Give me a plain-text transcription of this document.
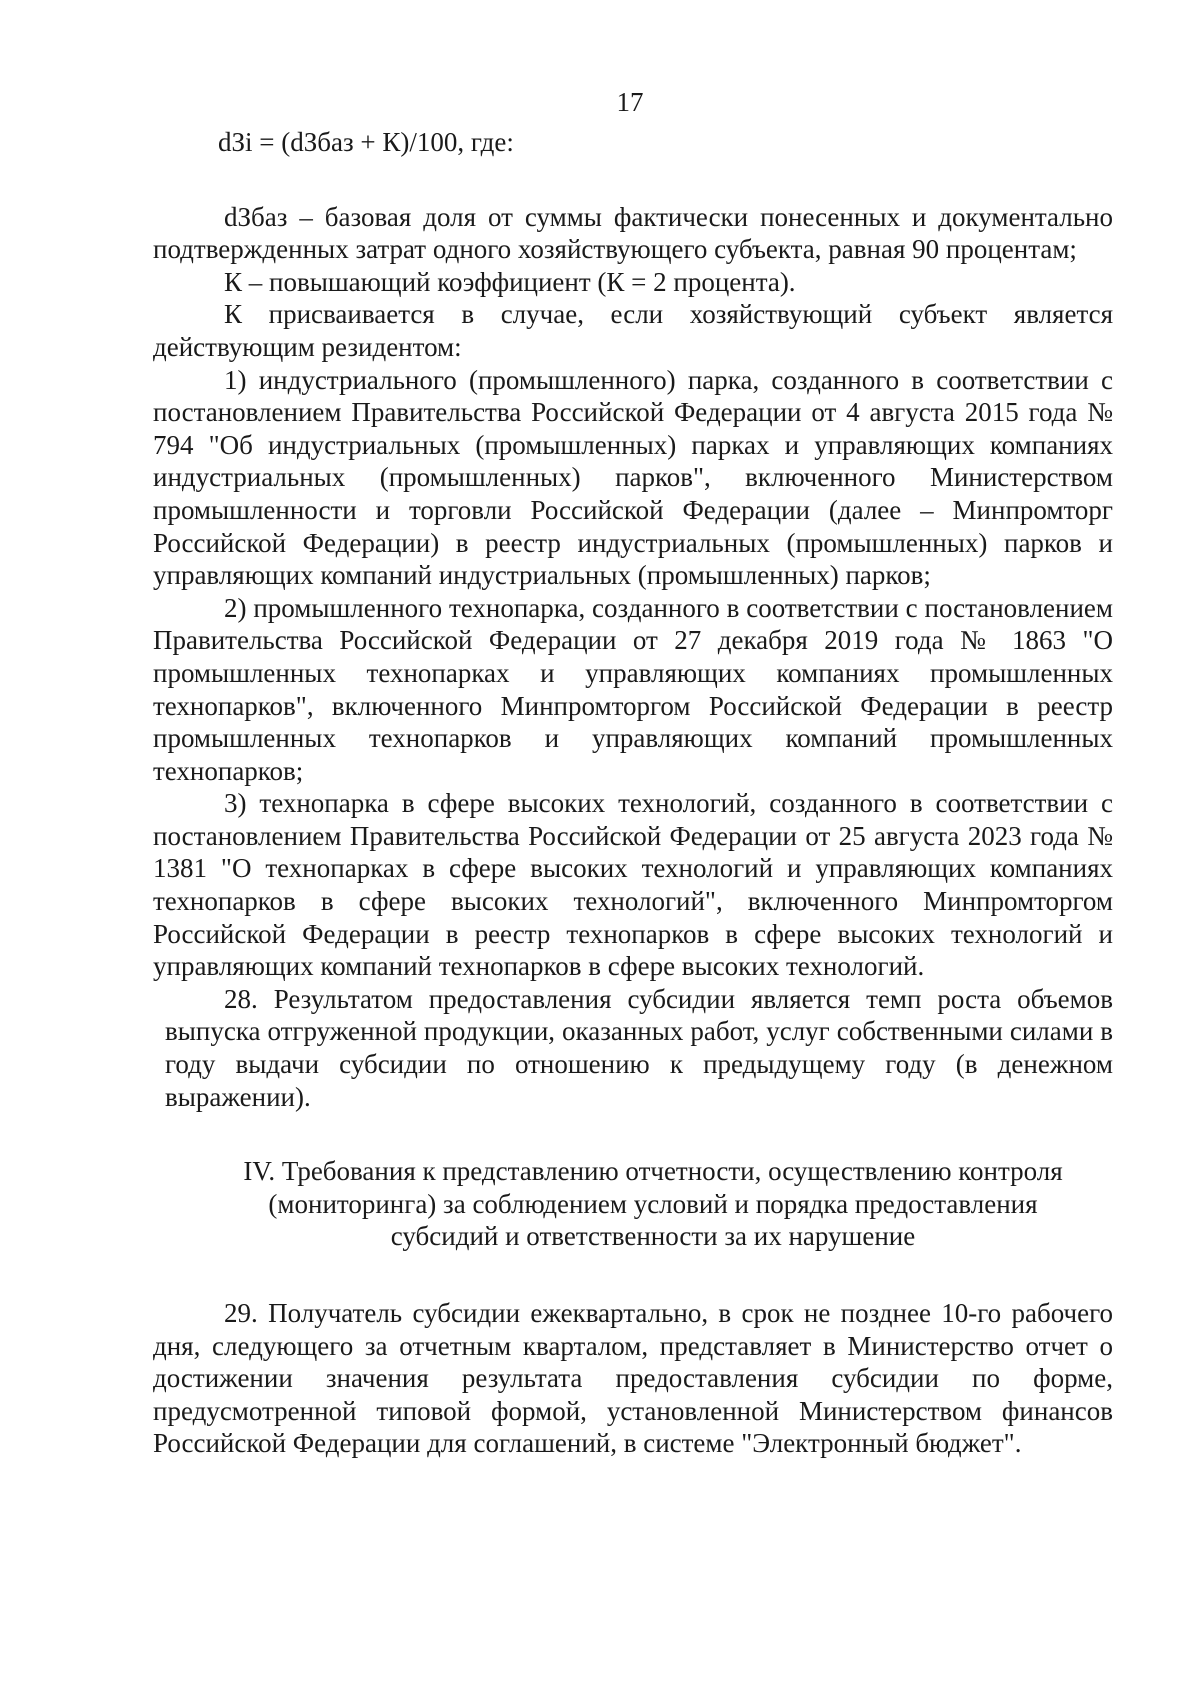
17

dЗi = (dЗбаз + К)/100, где:

dЗбаз – базовая доля от суммы фактически понесенных и документально подтвержденных затрат одного хозяйствующего субъекта, равная 90 процентам;

К – повышающий коэффициент (К = 2 процента).

К присваивается в случае, если хозяйствующий субъект является действующим резидентом:

1) индустриального (промышленного) парка, созданного в соответствии с постановлением Правительства Российской Федерации от 4 августа 2015 года № 794 "Об индустриальных (промышленных) парках и управляющих компаниях индустриальных (промышленных) парков", включенного Министерством промышленности и торговли Российской Федерации (далее – Минпромторг Российской Федерации) в реестр индустриальных (промышленных) парков и управляющих компаний индустриальных (промышленных) парков;

2) промышленного технопарка, созданного в соответствии с постановлением Правительства Российской Федерации от 27 декабря 2019 года № 1863 "О промышленных технопарках и управляющих компаниях промышленных технопарков", включенного Минпромторгом Российской Федерации в реестр промышленных технопарков и управляющих компаний промышленных технопарков;

3) технопарка в сфере высоких технологий, созданного в соответствии с постановлением Правительства Российской Федерации от 25 августа 2023 года № 1381 "О технопарках в сфере высоких технологий и управляющих компаниях технопарков в сфере высоких технологий", включенного Минпромторгом Российской Федерации в реестр технопарков в сфере высоких технологий и управляющих компаний технопарков в сфере высоких технологий.

28. Результатом предоставления субсидии является темп роста объемов выпуска отгруженной продукции, оказанных работ, услуг собственными силами в году выдачи субсидии по отношению к предыдущему году (в денежном выражении).

IV. Требования к представлению отчетности, осуществлению контроля
(мониторинга) за соблюдением условий и порядка предоставления
субсидий и ответственности за их нарушение

29. Получатель субсидии ежеквартально, в срок не позднее 10-го рабочего дня, следующего за отчетным кварталом, представляет в Министерство отчет о достижении значения результата предоставления субсидии по форме, предусмотренной типовой формой, установленной Министерством финансов Российской Федерации для соглашений, в системе "Электронный бюджет".
